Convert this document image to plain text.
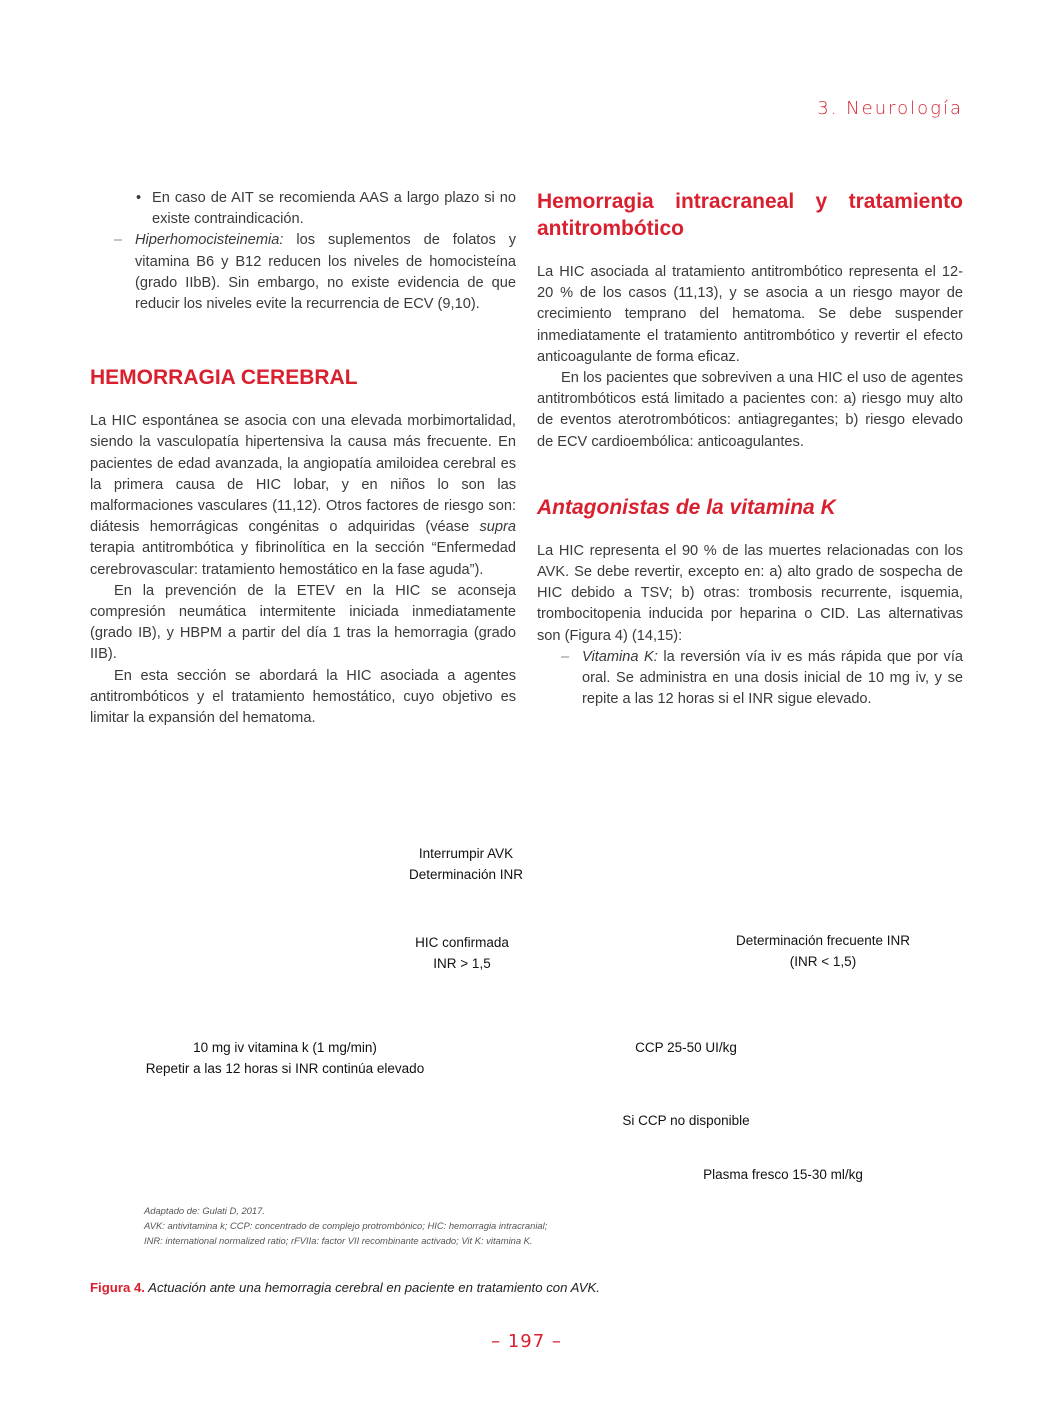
3. Neurología
• En caso de AIT se recomienda AAS a largo plazo si no existe contraindicación.
– Hiperhomocisteinemia: los suplementos de folatos y vitamina B6 y B12 reducen los niveles de homocisteína (grado IIbB). Sin embargo, no existe evidencia de que reducir los niveles evite la recurrencia de ECV (9,10).
HEMORRAGIA CEREBRAL

La HIC espontánea se asocia con una elevada morbimortalidad, siendo la vasculopatía hipertensiva la causa más frecuente. En pacientes de edad avanzada, la angiopatía amiloidea cerebral es la primera causa de HIC lobar, y en niños lo son las malformaciones vasculares (11,12). Otros factores de riesgo son: diátesis hemorrágicas congénitas o adquiridas (véase supra terapia antitrombótica y fibrinolítica en la sección “Enfermedad cerebrovascular: tratamiento hemostático en la fase aguda”).

En la prevención de la ETEV en la HIC se aconseja compresión neumática intermitente iniciada inmediatamente (grado IB), y HBPM a partir del día 1 tras la hemorragia (grado IIB).

En esta sección se abordará la HIC asociada a agentes antitrombóticos y el tratamiento hemostático, cuyo objetivo es limitar la expansión del hematoma.

Hemorragia intracraneal y tratamiento antitrombótico

La HIC asociada al tratamiento antitrombótico representa el 12-20 % de los casos (11,13), y se asocia a un riesgo mayor de crecimiento temprano del hematoma. Se debe suspender inmediatamente el tratamiento antitrombótico y revertir el efecto anticoagulante de forma eficaz.

En los pacientes que sobreviven a una HIC el uso de agentes antitrombóticos está limitado a pacientes con: a) riesgo muy alto de eventos aterotrombóticos: antiagregantes; b) riesgo elevado de ECV cardioembólica: anticoagulantes.

Antagonistas de la vitamina K

La HIC representa el 90 % de las muertes relacionadas con los AVK. Se debe revertir, excepto en: a) alto grado de sospecha de HIC debido a TSV; b) otras: trombosis recurrente, isquemia, trombocitopenia inducida por heparina o CID. Las alternativas son (Figura 4) (14,15):

– Vitamina K: la reversión vía iv es más rápida que por vía oral. Se administra en una dosis inicial de 10 mg iv, y se repite a las 12 horas si el INR sigue elevado.
Interrumpir AVK
Determinación INR
HIC confirmada
INR > 1,5
Determinación frecuente INR
(INR < 1,5)
10 mg iv vitamina k (1 mg/min)
Repetir a las 12 horas si INR continúa elevado
CCP 25-50 UI/kg
Si CCP no disponible
Plasma fresco 15-30 ml/kg
Adaptado de: Gulati D, 2017.
AVK: antivitamina k; CCP: concentrado de complejo protrombónico; HIC: hemorragia intracranial;
INR: international normalized ratio; rFVIIa: factor VII recombinante activado; Vit K: vitamina K.
Figura 4. Actuación ante una hemorragia cerebral en paciente en tratamiento con AVK.
– 197 –
